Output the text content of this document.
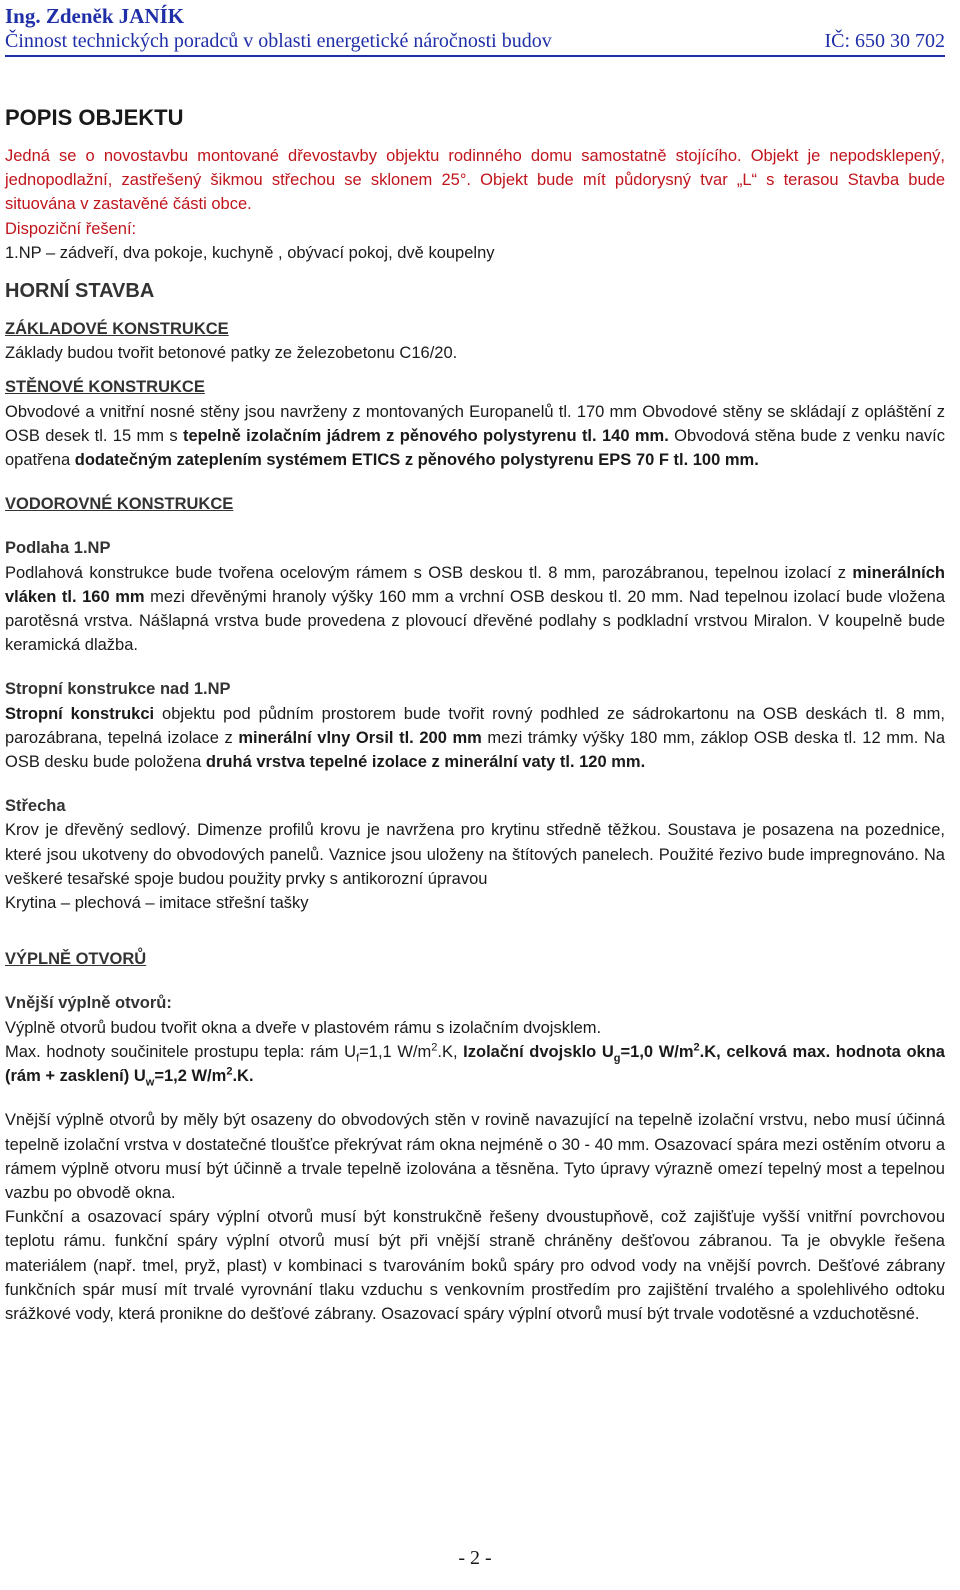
Ing. Zdeněk JANÍK
Činnost technických poradců v oblasti energetické náročnosti budov	IČ: 650 30 702
POPIS OBJEKTU

Jedná se o novostavbu montované dřevostavby objektu rodinného domu samostatně stojícího. Objekt je nepodsklepený, jednopodlažní, zastřešený šikmou střechou se sklonem 25°. Objekt bude mít půdorysný tvar „L“ s terasou Stavba bude situována v zastavěné části obce.

Dispoziční řešení:

1.NP – zádveří, dva pokoje, kuchyně , obývací pokoj, dvě koupelny

HORNÍ STAVBA
ZÁKLADOVÉ KONSTRUKCE

Základy budou tvořit betonové patky ze železobetonu C16/20.

STĚNOVÉ KONSTRUKCE

Obvodové a vnitřní nosné stěny jsou navrženy z montovaných Europanelů tl. 170 mm Obvodové stěny se skládají z opláštění z OSB desek tl. 15 mm s tepelně izolačním jádrem z pěnového polystyrenu tl. 140 mm. Obvodová stěna bude z venku navíc opatřena dodatečným zateplením systémem ETICS z pěnového polystyrenu EPS 70 F tl. 100 mm.

VODOROVNÉ KONSTRUKCE
Podlaha 1.NP

Podlahová konstrukce bude tvořena ocelovým rámem s OSB deskou tl. 8 mm, parozábranou, tepelnou izolací z minerálních vláken tl. 160 mm mezi dřevěnými hranoly výšky 160 mm a vrchní OSB deskou tl. 20 mm. Nad tepelnou izolací bude vložena parotěsná vrstva. Nášlapná vrstva bude provedena z plovoucí dřevěné podlahy s podkladní vrstvou Miralon. V koupelně bude keramická dlažba.

Stropní konstrukce nad 1.NP

Stropní konstrukci objektu pod půdním prostorem bude tvořit rovný podhled ze sádrokartonu na OSB deskách tl. 8 mm, parozábrana, tepelná izolace z minerální vlny Orsil tl. 200 mm mezi trámky výšky 180 mm, záklop OSB deska tl. 12 mm. Na OSB desku bude položena druhá vrstva tepelné izolace z minerální vaty tl. 120 mm.

Střecha

Krov je dřevěný sedlový. Dimenze profilů krovu je navržena pro krytinu středně těžkou. Soustava je posazena na pozednice, které jsou ukotveny do obvodových panelů. Vaznice jsou uloženy na štítových panelech. Použité řezivo bude impregnováno. Na veškeré tesařské spoje budou použity prvky s antikorozní úpravou

Krytina – plechová – imitace střešní tašky

VÝPLNĚ OTVORŮ
Vnější výplně otvorů:

Výplně otvorů budou tvořit okna a dveře v plastovém rámu s izolačním dvojsklem.

Max. hodnoty součinitele prostupu tepla: rám $U_f=1,1$ $W/m^2.K$, Izolační dvojsklo $U_g=1,0$ $W/m^2.K$, celková max. hodnota okna (rám + zasklení) $U_w=1,2$ $W/m^2.K$.

Vnější výplně otvorů by měly být osazeny do obvodových stěn v rovině navazující na tepelně izolační vrstvu, nebo musí účinná tepelně izolační vrstva v dostatečné tloušťce překrývat rám okna nejméně o 30 - 40 mm. Osazovací spára mezi ostěním otvoru a rámem výplně otvoru musí být účinně a trvale tepelně izolována a těsněna. Tyto úpravy výrazně omezí tepelný most a tepelnou vazbu po obvodě okna.

Funkční a osazovací spáry výplní otvorů musí být konstrukčně řešeny dvoustupňově, což zajišťuje vyšší vnitřní povrchovou teplotu rámu. funkční spáry výplní otvorů musí být při vnější straně chráněny dešťovou zábranou. Ta je obvykle řešena materiálem (např. tmel, pryž, plast) v kombinaci s tvarováním boků spáry pro odvod vody na vnější povrch. Dešťové zábrany funkčních spár musí mít trvalé vyrovnání tlaku vzduchu s venkovním prostředím pro zajištění trvalého a spolehlivého odtoku srážkové vody, která pronikne do dešťové zábrany. Osazovací spáry výplní otvorů musí být trvale vodotěsné a vzduchotěsné.

- 2 -
